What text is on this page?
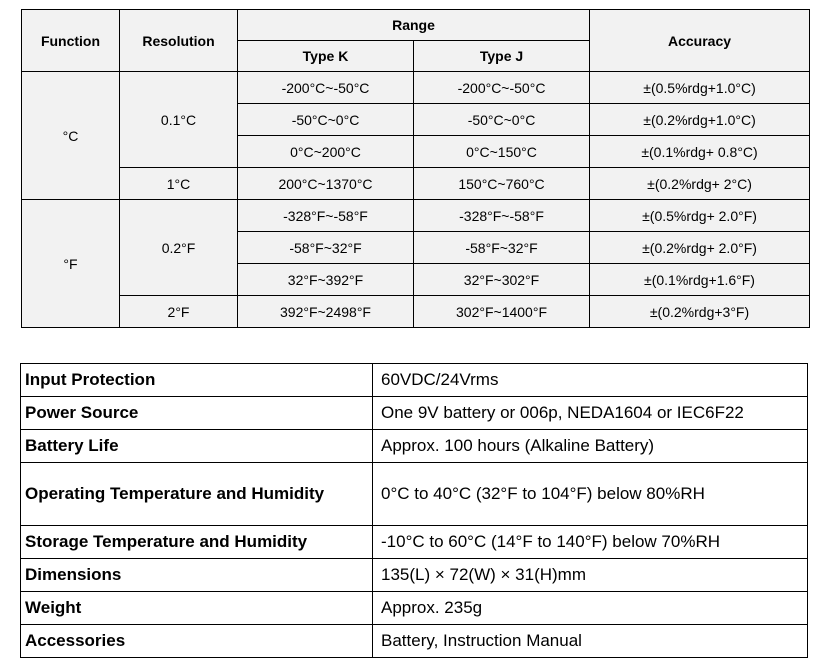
Function	Resolution	Range		Accuracy
		Type K	Type J	
°C	0.1°C	-200°C~-50°C	-200°C~-50°C	±(0.5%rdg+1.0°C)
		-50°C~0°C	-50°C~0°C	±(0.2%rdg+1.0°C)
		0°C~200°C	0°C~150°C	±(0.1%rdg+ 0.8°C)
	1°C	200°C~1370°C	150°C~760°C	±(0.2%rdg+ 2°C)
°F	0.2°F	-328°F~-58°F	-328°F~-58°F	±(0.5%rdg+ 2.0°F)
		-58°F~32°F	-58°F~32°F	±(0.2%rdg+ 2.0°F)
		32°F~392°F	32°F~302°F	±(0.1%rdg+1.6°F)
	2°F	392°F~2498°F	302°F~1400°F	±(0.2%rdg+3°F)
Input Protection	60VDC/24Vrms
Power Source	One 9V battery or 006p, NEDA1604 or IEC6F22
Battery Life	Approx. 100 hours (Alkaline Battery)
Operating Temperature and Humidity	0°C to 40°C (32°F to 104°F) below 80%RH
Storage Temperature and Humidity	-10°C to 60°C (14°F to 140°F) below 70%RH
Dimensions	135(L) × 72(W) × 31(H)mm
Weight	Approx. 235g
Accessories	Battery, Instruction Manual
